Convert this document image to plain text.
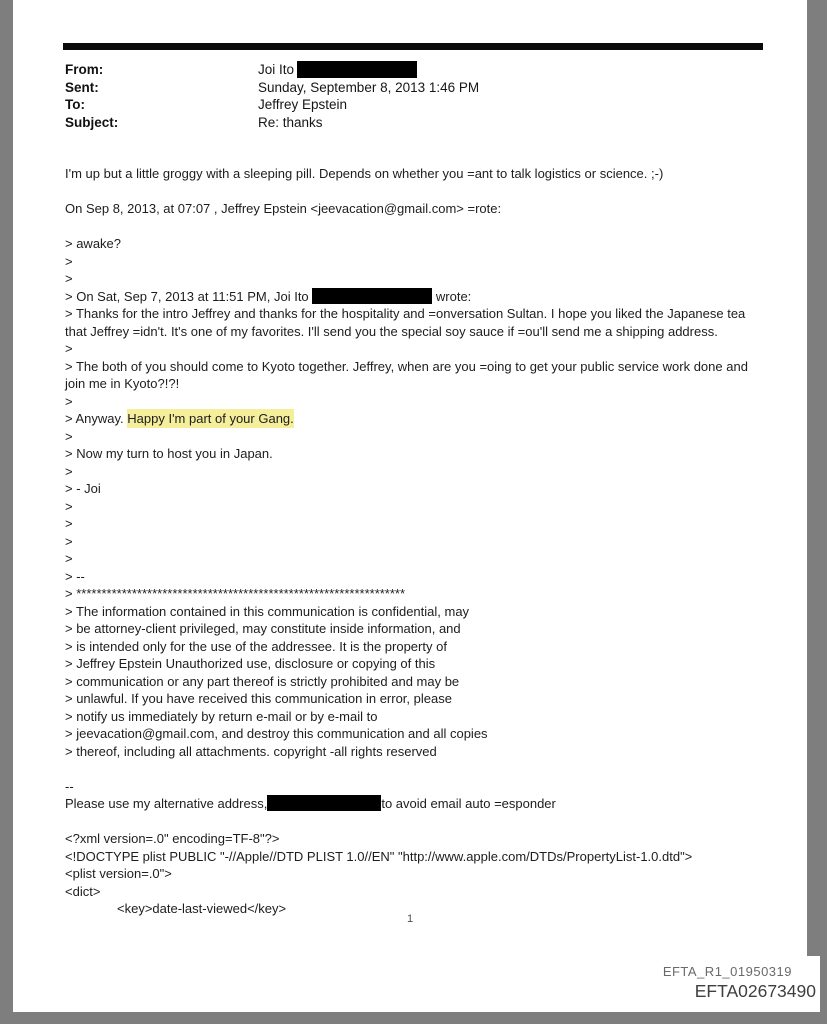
From:	Joi Ito
Sent:	Sunday, September 8, 2013 1:46 PM
To:	Jeffrey Epstein
Subject:	Re: thanks
I'm up but a little groggy with a sleeping pill. Depends on whether you =ant to talk logistics or science. ;-)

On Sep 8, 2013, at 07:07 , Jeffrey Epstein <jeevacation@gmail.com> =rote:

> awake?
>
>
> On Sat, Sep 7, 2013 at 11:51 PM, Joi Ito	wrote:
> Thanks for the intro Jeffrey and thanks for the hospitality and =onversation Sultan. I hope you liked the Japanese tea
that Jeffrey =idn't. It's one of my favorites. I'll send you the special soy sauce if =ou'll send me a shipping address.
>
> The both of you should come to Kyoto together. Jeffrey, when are you =oing to get your public service work done and
join me in Kyoto?!?!
>
> Anyway. Happy I'm part of your Gang.
>
> Now my turn to host you in Japan.
>
> - Joi
>
>
>
>
> --
> *****************************************************************
> The information contained in this communication is confidential, may
> be attorney-client privileged, may constitute inside information, and
> is intended only for the use of the addressee. It is the property of
> Jeffrey Epstein Unauthorized use, disclosure or copying of this
> communication or any part thereof is strictly prohibited and may be
> unlawful. If you have received this communication in error, please
> notify us immediately by return e-mail or by e-mail to
> jeevacation@gmail.com, and destroy this communication and all copies
> thereof, including all attachments. copyright -all rights reserved

--
Please use my alternative address,	to avoid email auto =esponder

<?xml version=.0" encoding=TF-8"?>
<!DOCTYPE plist PUBLIC "-//Apple//DTD PLIST 1.0//EN" "http://www.apple.com/DTDs/PropertyList-1.0.dtd">
<plist version=.0">
<dict>
<key>date-last-viewed</key>
1
EFTA_R1_01950319
EFTA02673490
